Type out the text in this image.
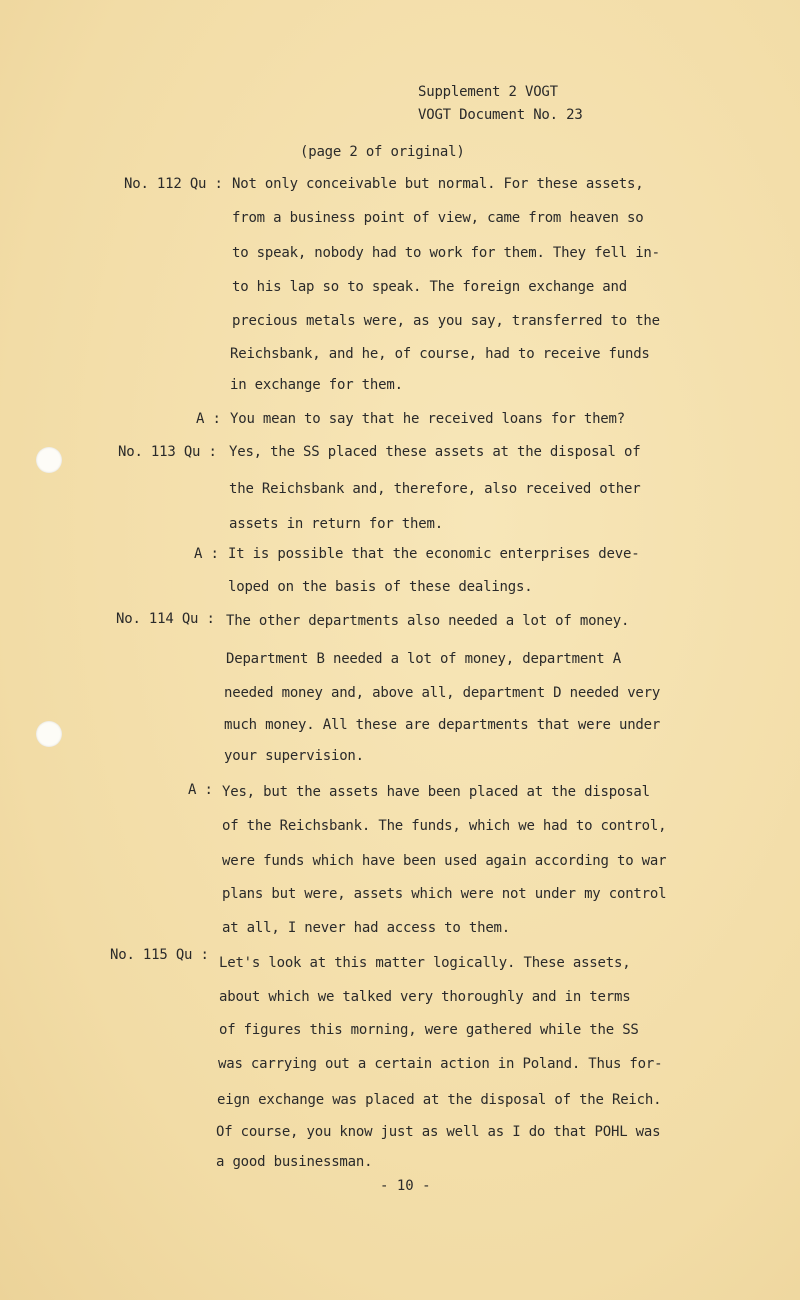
Supplement 2 VOGT
VOGT Document No. 23
(page 2 of original)
No. 112 Qu : Not only conceivable but normal. For these assets,
from a business point of view, came from heaven so
to speak, nobody had to work for them. They fell in-
to his lap so to speak. The foreign exchange and
precious metals were, as you say, transferred to the
Reichsbank, and he, of course, had to receive funds
in exchange for them.
A : You mean to say that he received loans for them?
No. 113 Qu : Yes, the SS placed these assets at the disposal of
the Reichsbank and, therefore, also received other
assets in return for them.
A : It is possible that the economic enterprises deve-
loped on the basis of these dealings.
No. 114 Qu : The other departments also needed a lot of money.
Department B needed a lot of money, department A
needed money and, above all, department D needed very
much money. All these are departments that were under
your supervision.
A : Yes, but the assets have been placed at the disposal
of the Reichsbank. The funds, which we had to control,
were funds which have been used again according to war
plans but were, assets which were not under my control
at all, I never had access to them.
No. 115 Qu : Let's look at this matter logically. These assets,
about which we talked very thoroughly and in terms
of figures this morning, were gathered while the SS
was carrying out a certain action in Poland. Thus for-
eign exchange was placed at the disposal of the Reich.
Of course, you know just as well as I do that POHL was
a good businessman.
- 10 -
